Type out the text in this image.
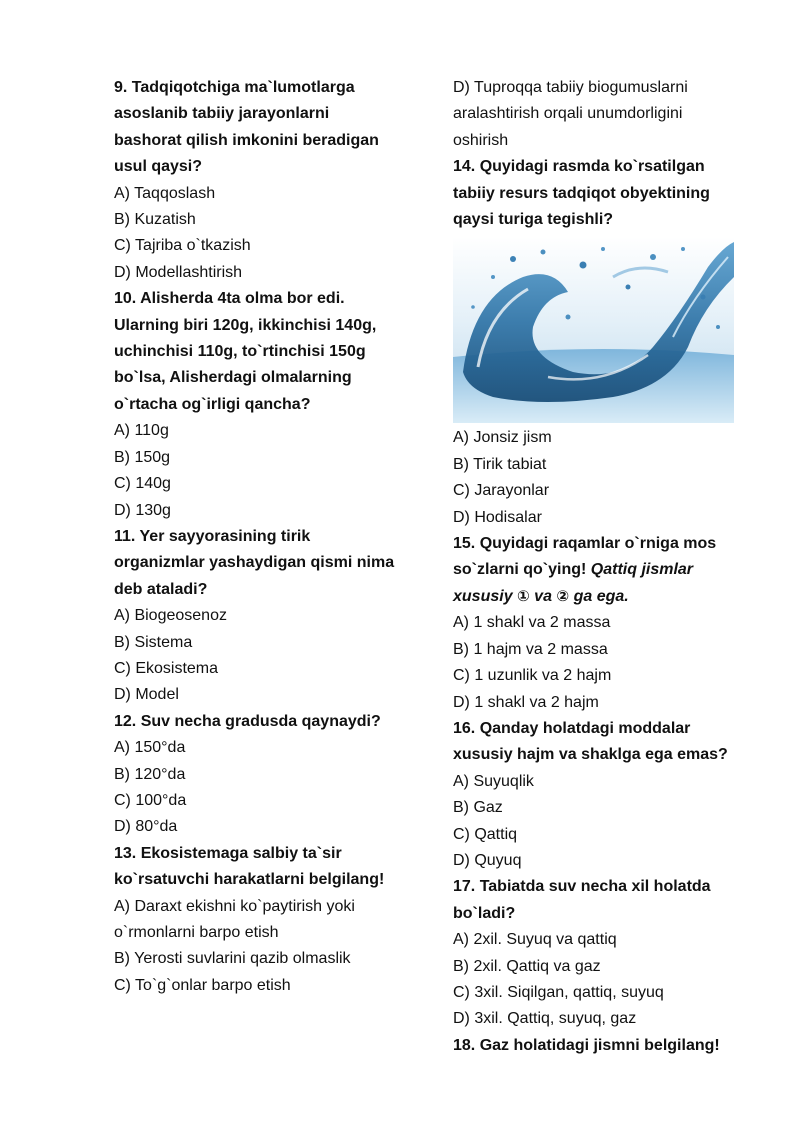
9. Tadqiqotchiga ma`lumotlarga
asoslanib tabiiy jarayonlarni
bashorat qilish imkonini beradigan
usul qaysi?
A) Taqqoslash
B) Kuzatish
C) Tajriba o`tkazish
D) Modellashtirish
10. Alisherda 4ta olma bor edi.
Ularning biri 120g, ikkinchisi 140g,
uchinchisi 110g, to`rtinchisi 150g
bo`lsa, Alisherdagi olmalarning
o`rtacha og`irligi qancha?
A) 110g
B) 150g
C) 140g
D) 130g
11. Yer sayyorasining tirik
organizmlar yashaydigan qismi nima
deb ataladi?
A) Biogeosenoz
B) Sistema
C) Ekosistema
D) Model
12. Suv necha gradusda qaynaydi?
A) 150°da
B) 120°da
C) 100°da
D) 80°da
13. Ekosistemaga salbiy ta`sir
ko`rsatuvchi harakatlarni belgilang!
A) Daraxt ekishni ko`paytirish yoki
o`rmonlarni barpo etish
B) Yerosti suvlarini qazib olmaslik
C) To`g`onlar barpo etish
D) Tuproqqa tabiiy biogumuslarni
aralashtirish orqali unumdorligini
oshirish
14. Quyidagi rasmda ko`rsatilgan
tabiiy resurs tadqiqot obyektining
qaysi turiga tegishli?
A) Jonsiz jism
B) Tirik tabiat
C) Jarayonlar
D) Hodisalar
15. Quyidagi raqamlar o`rniga mos
so`zlarni qo`ying! Qattiq jismlar
xususiy ① va ② ga ega.
A) 1 shakl va 2 massa
B) 1 hajm va 2 massa
C) 1 uzunlik va 2 hajm
D) 1 shakl va 2 hajm
16. Qanday holatdagi moddalar
xususiy hajm va shaklga ega emas?
A) Suyuqlik
B) Gaz
C) Qattiq
D) Quyuq
17. Tabiatda suv necha xil holatda
bo`ladi?
A) 2xil. Suyuq va qattiq
B) 2xil. Qattiq va gaz
C) 3xil. Siqilgan, qattiq, suyuq
D) 3xil. Qattiq, suyuq, gaz
18. Gaz holatidagi jismni belgilang!
